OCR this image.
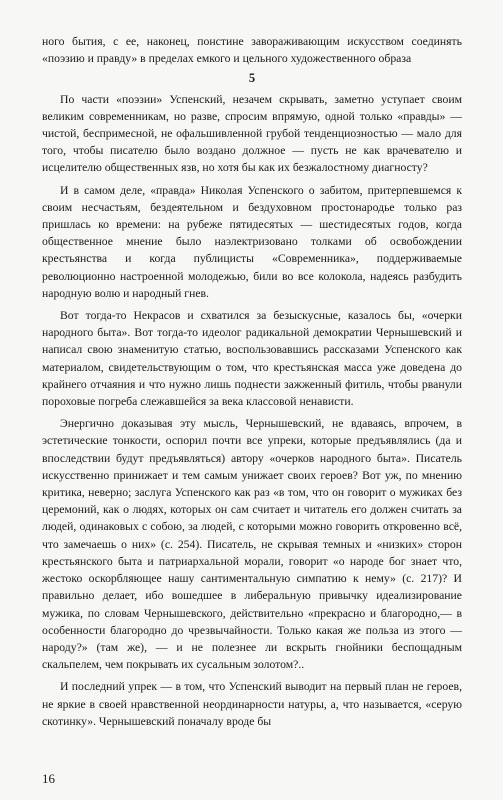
ного бытия, с ее, наконец, понстине завораживающим искусством соединять «поэзию и правду» в пределах емкого и цельного художественного образа

5

По части «поэзии» Успенский, незачем скрывать, заметно уступает своим великим современникам, но разве, спросим впрямую, одной только «правды» — чистой, беспримесной, не офальшивленной грубой тенденциозностью — мало для того, чтобы писателю было воздано должное — пусть не как врачевателю и исцелителю общественных язв, но хотя бы как их безжалостному диагносту?

И в самом деле, «правда» Николая Успенского о забитом, притерпевшемся к своим несчастьям, бездеятельном и бездуховном простонародье только раз пришлась ко времени: на рубеже пятидесятых — шестидесятых годов, когда общественное мнение было наэлектризовано толками об освобождении крестьянства и когда публицисты «Современника», поддерживаемые революционно настроенной молодежью, били во все колокола, надеясь разбудить народную волю и народный гнев.

Вот тогда-то Некрасов и схватился за безыскусные, казалось бы, «очерки народного быта». Вот тогда-то идеолог радикальной демократии Чернышевский и написал свою знаменитую статью, воспользовавшись рассказами Успенского как материалом, свидетельствующим о том, что крестьянская масса уже доведена до крайнего отчаяния и что нужно лишь поднести зажженный фитиль, чтобы рванули пороховые погреба слежавшейся за века классовой ненависти.

Энергично доказывая эту мысль, Чернышевский, не вдаваясь, впрочем, в эстетические тонкости, оспорил почти все упреки, которые предъявлялись (да и впоследствии будут предъявляться) автору «очерков народного быта». Писатель искусственно принижает и тем самым унижает своих героев? Вот уж, по мнению критика, неверно; заслуга Успенского как раз «в том, что он говорит о мужиках без церемоний, как о людях, которых он сам считает и читатель его должен считать за людей, одинаковых с собою, за людей, с которыми можно говорить откровенно всё, что замечаешь о них» (с. 254). Писатель, не скрывая темных и «низких» сторон крестьянского быта и патриархальной морали, говорит «о народе бог знает что, жестоко оскорбляющее нашу сантиментальную симпатию к нему» (с. 217)? И правильно делает, ибо вошедшее в либеральную привычку идеализирование мужика, по словам Чернышевского, действительно «прекрасно и благородно,— в особенности благородно до чрезвычайности. Только какая же польза из этого — народу?» (там же), — и не полезнее ли вскрыть гнойники беспощадным скальпелем, чем покрывать их сусальным золотом?..

И последний упрек — в том, что Успенский выводит на первый план не героев, не яркие в своей нравственной неординарности натуры, а, что называется, «серую скотинку». Чернышевский поначалу вроде бы

16
